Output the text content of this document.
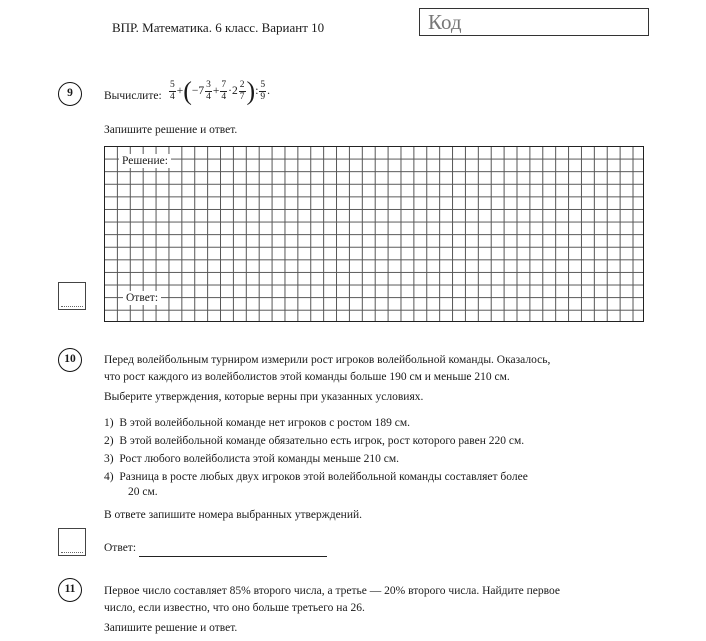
ВПР. Математика. 6 класс. Вариант 10	Код
9	Вычислите: $\frac{5}{4} +(-7 \frac{3}{4} + \frac{7}{4} \cdot 2 \frac{2}{7}$ ): $\frac{5}{9}$ .
Запишите решение и ответ.
Решение:
Ответ:
10	Перед волейбольным турниром измерили рост игроков волейбольной команды. Оказалось,
что рост каждого из волейболистов этой команды больше 190 см и меньше 210 см.
Выберите утверждения, которые верны при указанных условиях.
1) В этой волейбольной команде нет игроков с ростом 189 см.
2) В этой волейбольной команде обязательно есть игрок, рост которого равен 220 см.
3) Рост любого волейболиста этой команды меньше 210 см.
4) Разница в росте любых двух игроков этой волейбольной команды составляет более
20 см.
В ответе запишите номера выбранных утверждений.
Ответ:
11	Первое число составляет 85% второго числа, а третье — 20% второго числа. Найдите первое
число, если известно, что оно больше третьего на 26.
Запишите решение и ответ.
